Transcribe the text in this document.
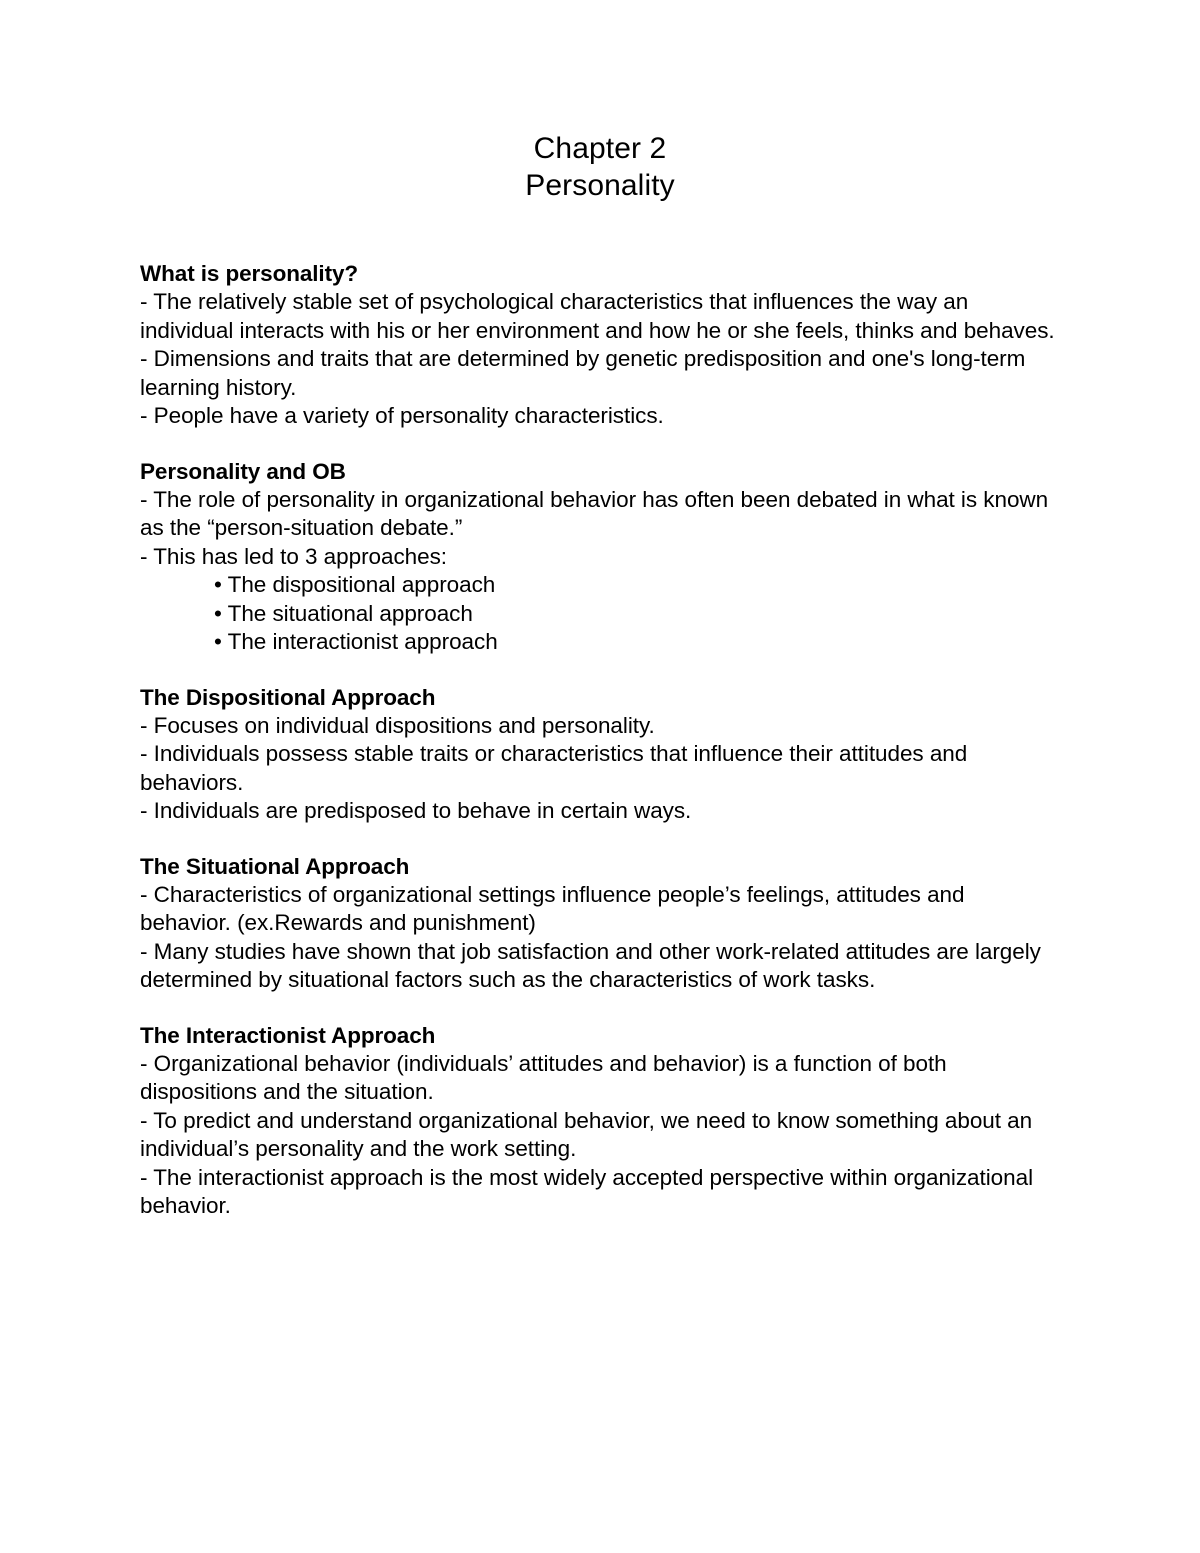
Chapter 2
Personality
What is personality?
- The relatively stable set of psychological characteristics that influences the way an individual interacts with his or her environment and how he or she feels, thinks and behaves.
- Dimensions and traits that are determined by genetic predisposition and one's long-term learning history.
- People have a variety of personality characteristics.
Personality and OB
- The role of personality in organizational behavior has often been debated in what is known as the “person-situation debate.”
- This has led to 3 approaches:
• The dispositional approach
• The situational approach
• The interactionist approach
The Dispositional Approach
- Focuses on individual dispositions and personality.
- Individuals possess stable traits or characteristics that influence their attitudes and behaviors.
- Individuals are predisposed to behave in certain ways.
The Situational Approach
- Characteristics of organizational settings influence people’s feelings, attitudes and behavior. (ex.Rewards and punishment)
- Many studies have shown that job satisfaction and other work-related attitudes are largely determined by situational factors such as the characteristics of work tasks.
The Interactionist Approach
- Organizational behavior (individuals’ attitudes and behavior) is a function of both dispositions and the situation.
- To predict and understand organizational behavior, we need to know something about an individual’s personality and the work setting.
- The interactionist approach is the most widely accepted perspective within organizational behavior.
